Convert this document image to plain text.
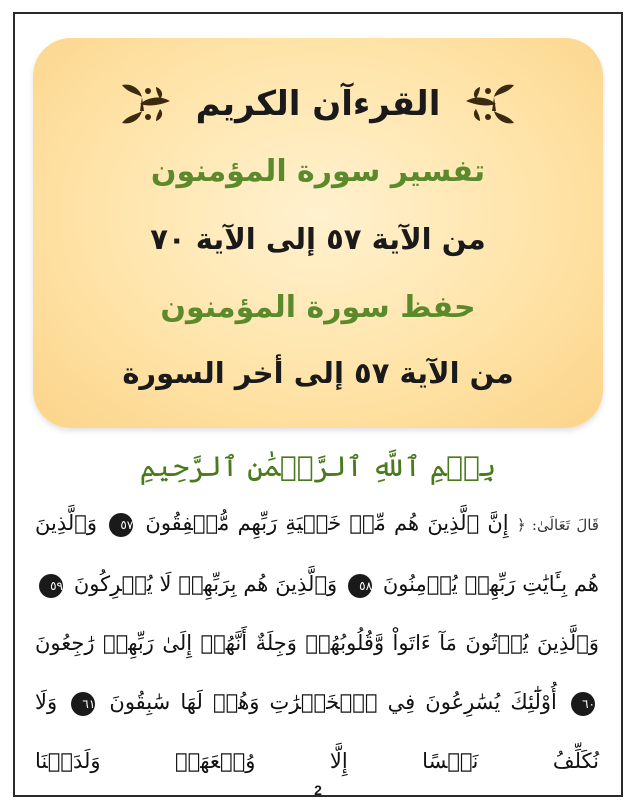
القرءآن الكريم
تفسير سورة المؤمنون
من الآية ٥٧ إلى الآية ٧٠
حفظ سورة المؤمنون
من الآية ٥٧ إلى أخر السورة
بِسۡمِ ٱللَّهِ ٱلرَّحۡمَٰنِ ٱلرَّحِيمِ
قَالَ تَعَالَىٰ: ﴿ إِنَّ ٱلَّذِينَ هُم مِّنۡ خَشۡيَةِ رَبِّهِم مُّشۡفِقُونَ ٥٧ وَٱلَّذِينَ هُم بِـَٔايَٰتِ رَبِّهِمۡ يُؤۡمِنُونَ ٥٨ وَٱلَّذِينَ هُم بِرَبِّهِمۡ لَا يُشۡرِكُونَ ٥٩ وَٱلَّذِينَ يُؤۡتُونَ مَآ ءَاتَواْ وَّقُلُوبُهُمۡ وَجِلَةٌ أَنَّهُمۡ إِلَىٰ رَبِّهِمۡ رَٰجِعُونَ ٦٠ أُوْلَٰٓئِكَ يُسَٰرِعُونَ فِي ٱلۡخَيۡرَٰتِ وَهُمۡ لَهَا سَٰبِقُونَ ٦١ وَلَا نُكَلِّفُ نَفۡسًا إِلَّا وُسۡعَهَاۚ وَلَدَيۡنَا
2
